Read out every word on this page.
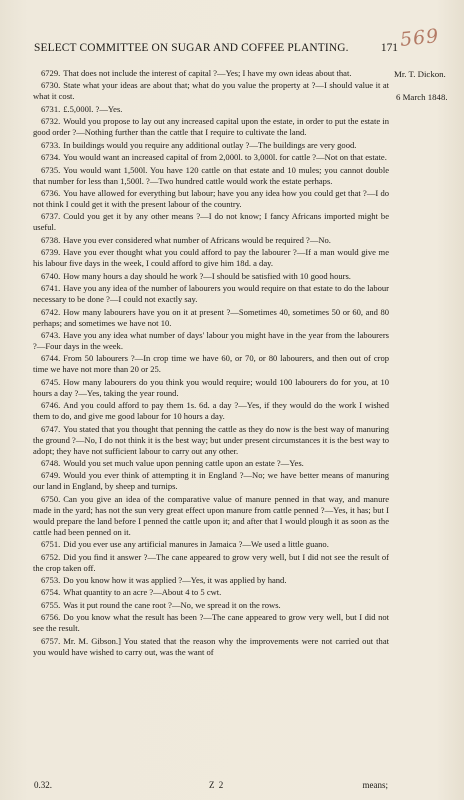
SELECT COMMITTEE ON SUGAR AND COFFEE PLANTING.	171 569
Mr. T. Dickon.
6 March 1848.

6729. That does not include the interest of capital ?—Yes; I have my own ideas about that.

6730. State what your ideas are about that; what do you value the property at ?—I should value it at what it cost.

6731. £.5,000l. ?—Yes.

6732. Would you propose to lay out any increased capital upon the estate, in order to put the estate in good order ?—Nothing further than the cattle that I require to cultivate the land.

6733. In buildings would you require any additional outlay ?—The buildings are very good.

6734. You would want an increased capital of from 2,000l. to 3,000l. for cattle ?—Not on that estate.

6735. You would want 1,500l. You have 120 cattle on that estate and 10 mules; you cannot double that number for less than 1,500l. ?—Two hundred cattle would work the estate perhaps.

6736. You have allowed for everything but labour; have you any idea how you could get that ?—I do not think I could get it with the present labour of the country.

6737. Could you get it by any other means ?—I do not know; I fancy Africans imported might be useful.

6738. Have you ever considered what number of Africans would be required ?—No.

6739. Have you ever thought what you could afford to pay the labourer ?—If a man would give me his labour five days in the week, I could afford to give him 18d. a day.

6740. How many hours a day should he work ?—I should be satisfied with 10 good hours.

6741. Have you any idea of the number of labourers you would require on that estate to do the labour necessary to be done ?—I could not exactly say.

6742. How many labourers have you on it at present ?—Sometimes 40, sometimes 50 or 60, and 80 perhaps; and sometimes we have not 10.

6743. Have you any idea what number of days' labour you might have in the year from the labourers ?—Four days in the week.

6744. From 50 labourers ?—In crop time we have 60, or 70, or 80 labourers, and then out of crop time we have not more than 20 or 25.

6745. How many labourers do you think you would require; would 100 labourers do for you, at 10 hours a day ?—Yes, taking the year round.

6746. And you could afford to pay them 1s. 6d. a day ?—Yes, if they would do the work I wished them to do, and give me good labour for 10 hours a day.

6747. You stated that you thought that penning the cattle as they do now is the best way of manuring the ground ?—No, I do not think it is the best way; but under present circumstances it is the best way to adopt; they have not sufficient labour to carry out any other.

6748. Would you set much value upon penning cattle upon an estate ?—Yes.

6749. Would you ever think of attempting it in England ?—No; we have better means of manuring our land in England, by sheep and turnips.

6750. Can you give an idea of the comparative value of manure penned in that way, and manure made in the yard; has not the sun very great effect upon manure from cattle penned ?—Yes, it has; but I would prepare the land before I penned the cattle upon it; and after that I would plough it as soon as the cattle had been penned on it.

6751. Did you ever use any artificial manures in Jamaica ?—We used a little guano.

6752. Did you find it answer ?—The cane appeared to grow very well, but I did not see the result of the crop taken off.

6753. Do you know how it was applied ?—Yes, it was applied by hand.

6754. What quantity to an acre ?—About 4 to 5 cwt.

6755. Was it put round the cane root ?—No, we spread it on the rows.

6756. Do you know what the result has been ?—The cane appeared to grow very well, but I did not see the result.

6757. Mr. M. Gibson.] You stated that the reason why the improvements were not carried out that you would have wished to carry out, was the want of

0.32.	Z 2	means;
